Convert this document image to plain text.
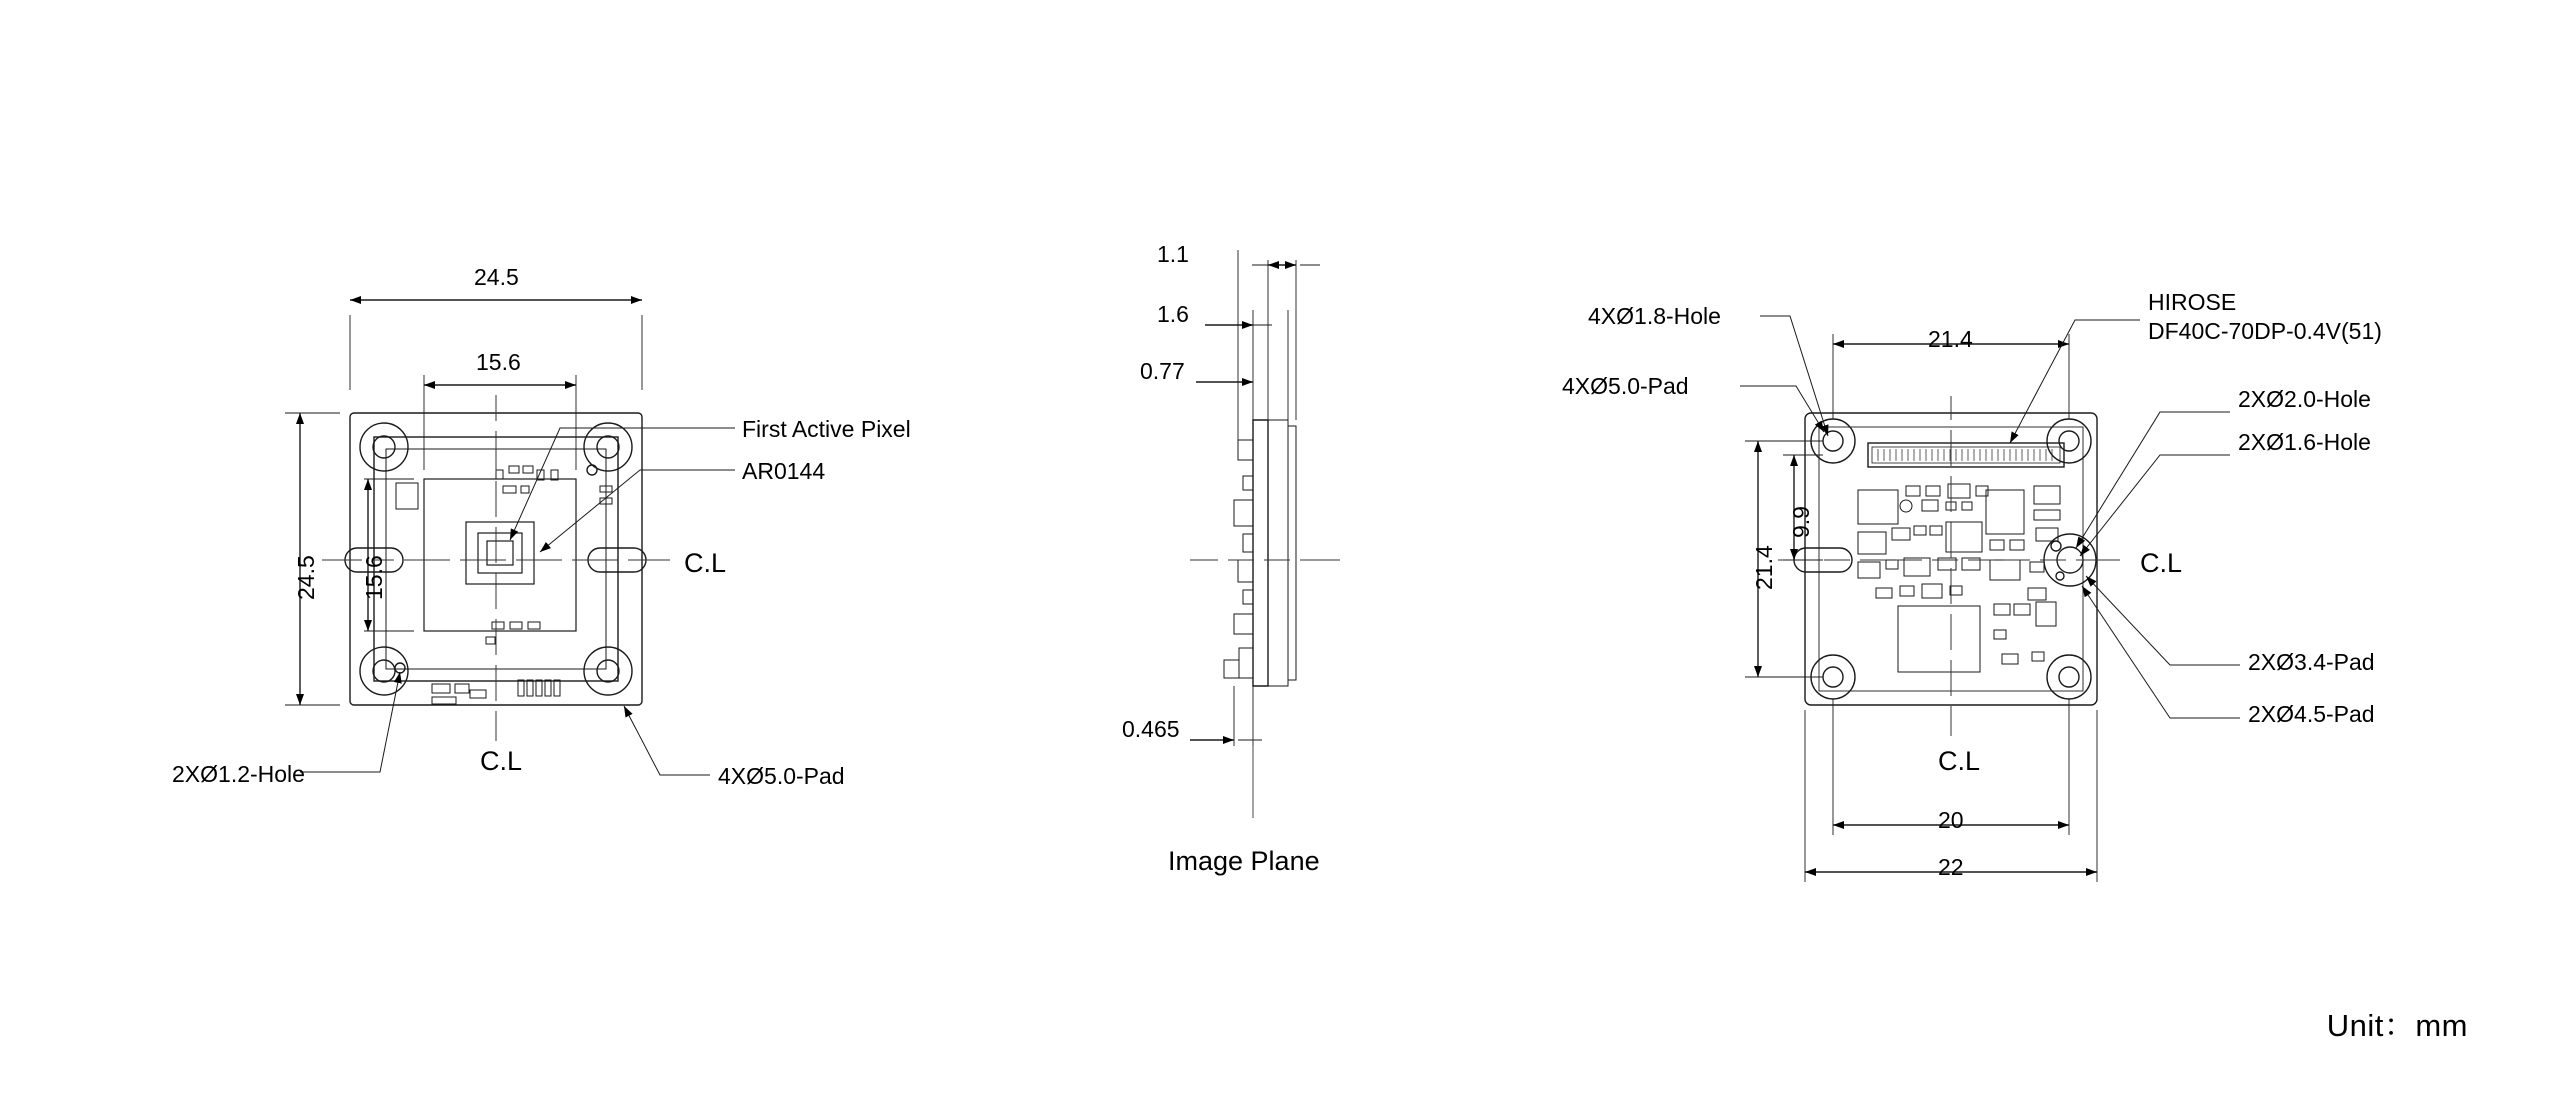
24.5
15.6
24.5 15.6	C.L
C.L
First Active Pixel
AR0144
2XØ1.2-Hole	4XØ5.0-Pad
1.1
1.6
0.77
0.465
Image Plane
21.4
21.4
9.9
20
22
C.L
C.L
4XØ1.8-Hole
4XØ5.0-Pad
HIROSE
DF40C-70DP-0.4V(51)
2XØ2.0-Hole
2XØ1.6-Hole
2XØ3.4-Pad
2XØ4.5-Pad
Unit：mm
